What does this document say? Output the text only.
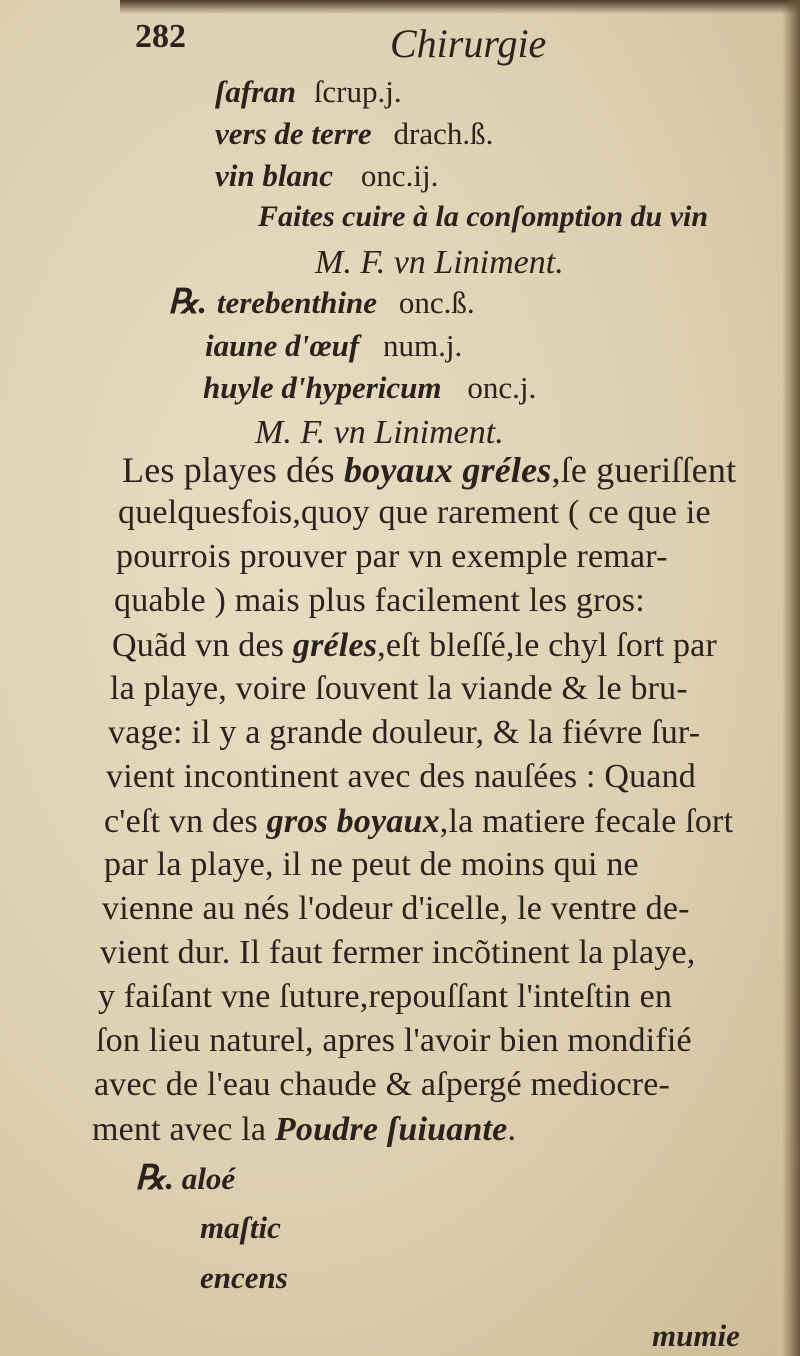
282	Chirurgie
ſafran ſcrup.j.
vers de terre drach.ß.
vin blanc onc.ij.
Faites cuire à la conſomption du vin
M. F. vn Liniment.
℞. terebenthine onc.ß.
iaune d'œuf num.j.
huyle d'hypericum onc.j.
M. F. vn Liniment.
Les playes dés boyaux gréles,ſe gueriſſent
quelquesfois,quoy que rarement ( ce que ie
pourrois prouver par vn exemple remar-
quable ) mais plus facilement les gros:
Quãd vn des gréles,eſt bleſſé,le chyl ſort par
la playe, voire ſouvent la viande & le bru-
vage: il y a grande douleur, & la fiévre ſur-
vient incontinent avec des nauſées : Quand
c'eſt vn des gros boyaux,la matiere fecale ſort
par la playe, il ne peut de moins qui ne
vienne au nés l'odeur d'icelle, le ventre de-
vient dur. Il faut fermer incõtinent la playe,
y faiſant vne ſuture,repouſſant l'inteſtin en
ſon lieu naturel, apres l'avoir bien mondifié
avec de l'eau chaude & aſpergé mediocre-
ment avec la Poudre ſuiuante.
℞. aloé
maſtic
encens
mumie
